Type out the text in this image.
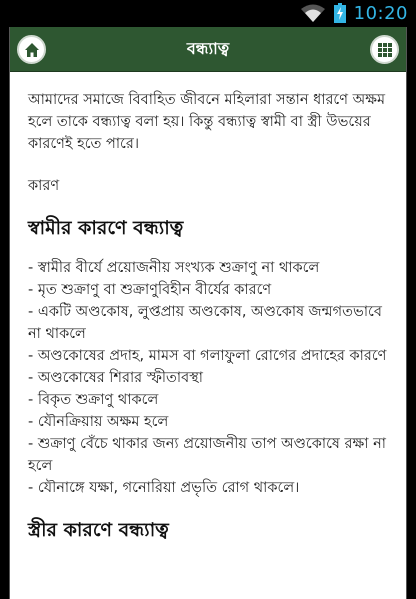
10:20
বন্ধ্যাত্ব

আমাদের সমাজে বিবাহিত জীবনে মহিলারা সন্তান ধারণে অক্ষম হলে তাকে বন্ধ্যাত্ব বলা হয়। কিন্তু বন্ধ্যাত্ব স্বামী বা স্ত্রী উভয়ের কারণেই হতে পারে।

কারণ

স্বামীর কারণে বন্ধ্যাত্ব
- স্বামীর বীর্যে প্রয়োজনীয় সংখ্যক শুক্রাণু না থাকলে
- মৃত শুক্রাণু বা শুক্রাণুবিহীন বীর্যের কারণে
- একটি অণ্ডকোষ, লুপ্তপ্রায় অণ্ডকোষ, অণ্ডকোষ জন্মগতভাবে না থাকলে
- অণ্ডকোষের প্রদাহ, মামস বা গলাফুলা রোগের প্রদাহের কারণে
- অণ্ডকোষের শিরার স্ফীতাবস্থা
- বিকৃত শুক্রাণু থাকলে
- যৌনক্রিয়ায় অক্ষম হলে
- শুক্রাণু বেঁচে থাকার জন্য প্রয়োজনীয় তাপ অণ্ডকোষে রক্ষা না হলে
- যৌনাঙ্গে যক্ষা, গনোরিয়া প্রভৃতি রোগ থাকলে।
স্ত্রীর কারণে বন্ধ্যাত্ব
